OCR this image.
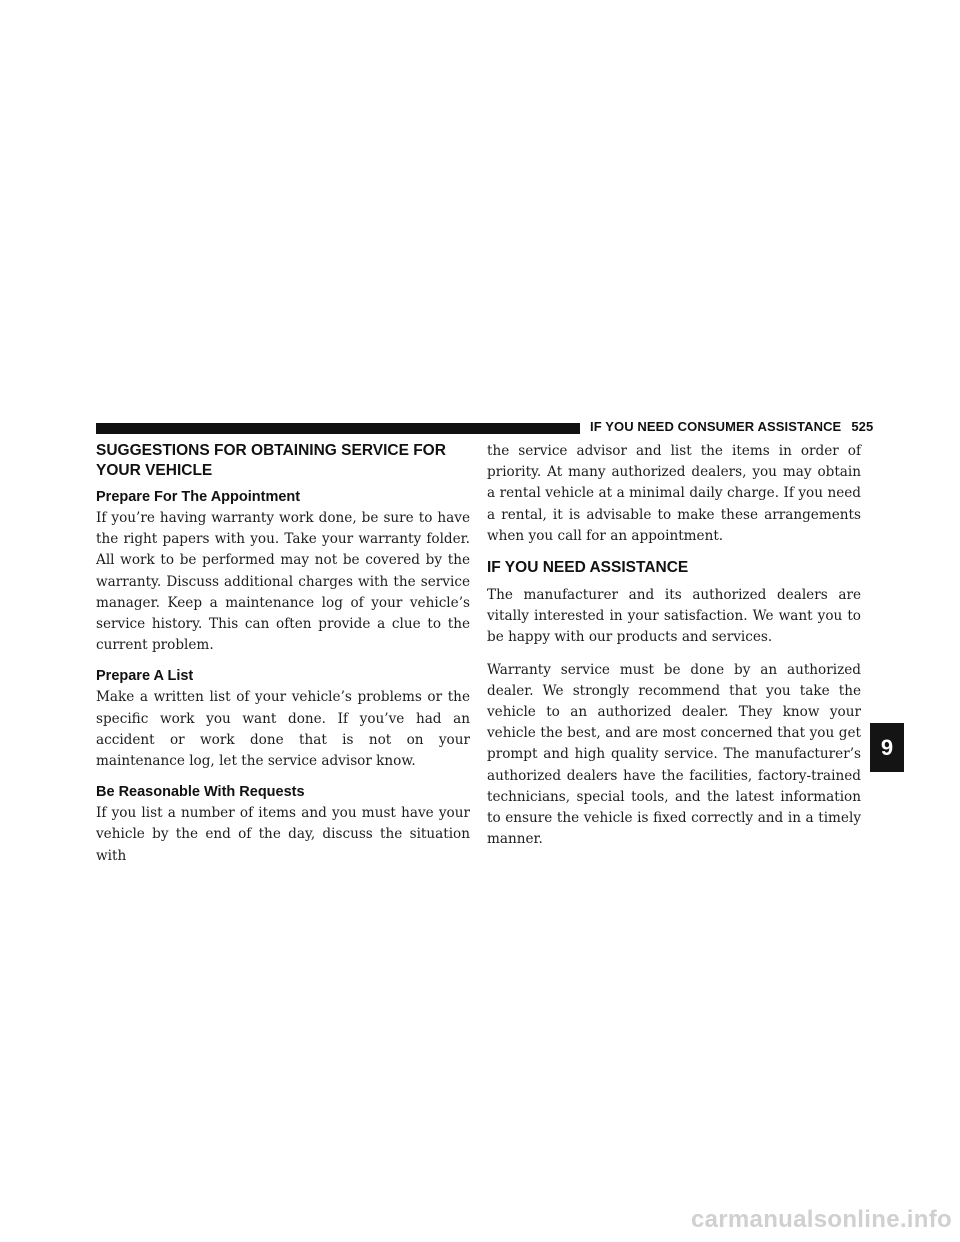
IF YOU NEED CONSUMER ASSISTANCE 525
SUGGESTIONS FOR OBTAINING SERVICE FOR YOUR VEHICLE
Prepare For The Appointment

If you’re having warranty work done, be sure to have the right papers with you. Take your warranty folder. All work to be performed may not be covered by the warranty. Discuss additional charges with the service manager. Keep a maintenance log of your vehicle’s service history. This can often provide a clue to the current problem.

Prepare A List

Make a written list of your vehicle’s problems or the specific work you want done. If you’ve had an accident or work done that is not on your maintenance log, let the service advisor know.

Be Reasonable With Requests

If you list a number of items and you must have your vehicle by the end of the day, discuss the situation with

the service advisor and list the items in order of priority. At many authorized dealers, you may obtain a rental vehicle at a minimal daily charge. If you need a rental, it is advisable to make these arrangements when you call for an appointment.

IF YOU NEED ASSISTANCE

The manufacturer and its authorized dealers are vitally interested in your satisfaction. We want you to be happy with our products and services.

Warranty service must be done by an authorized dealer. We strongly recommend that you take the vehicle to an authorized dealer. They know your vehicle the best, and are most concerned that you get prompt and high quality service. The manufacturer’s authorized dealers have the facilities, factory-trained technicians, special tools, and the latest information to ensure the vehicle is fixed correctly and in a timely manner.

9
carmanualsonline.info
